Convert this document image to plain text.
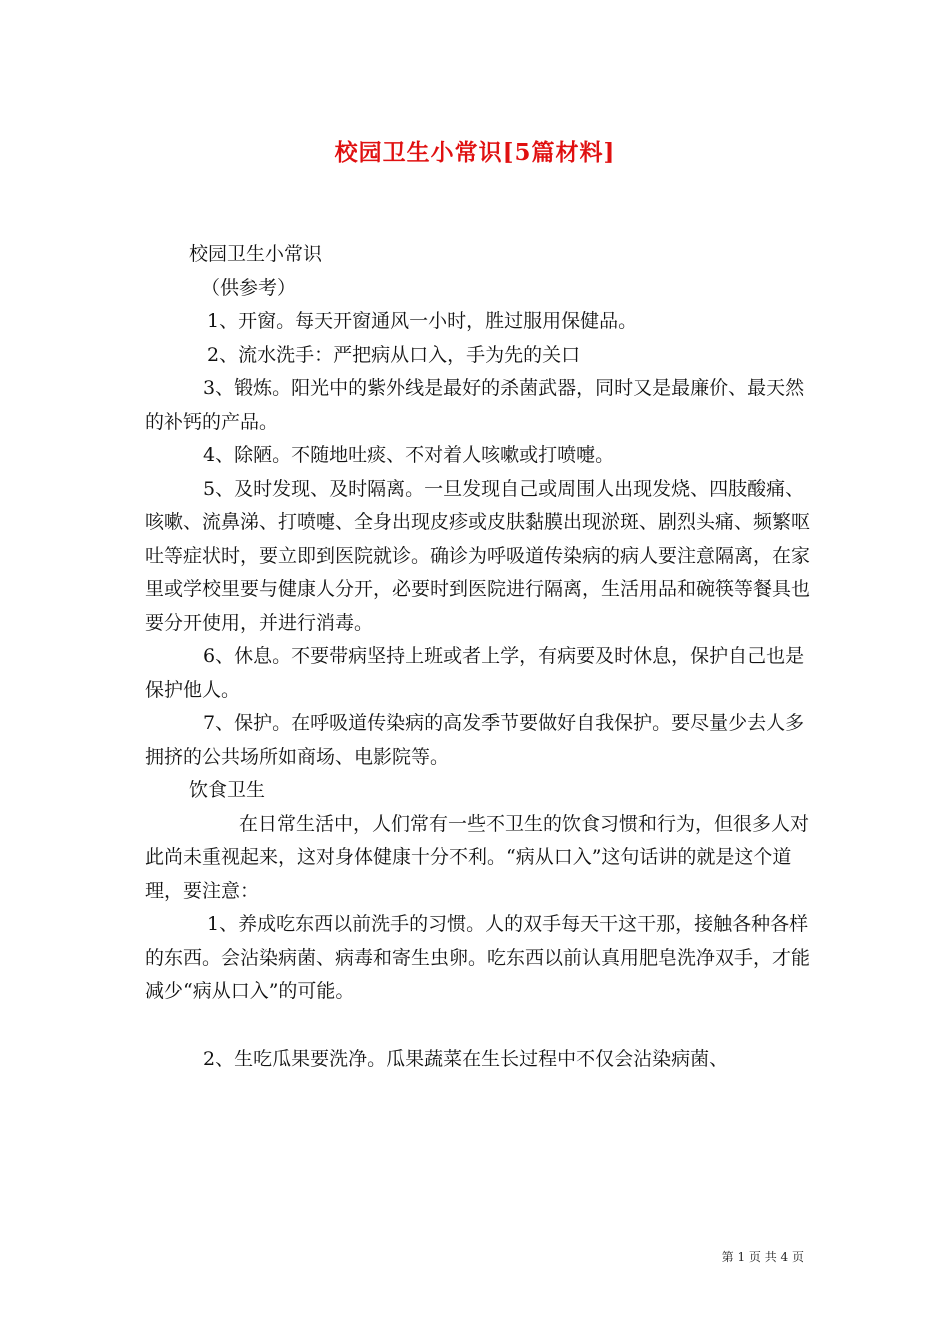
校园卫生小常识[5篇材料]

校园卫生小常识

（供参考）

1、开窗。每天开窗通风一小时，胜过服用保健品。

2、流水洗手：严把病从口入，手为先的关口

3、锻炼。阳光中的紫外线是最好的杀菌武器，同时又是最廉价、最天然的补钙的产品。

4、除陋。不随地吐痰、不对着人咳嗽或打喷嚏。

5、及时发现、及时隔离。一旦发现自己或周围人出现发烧、四肢酸痛、咳嗽、流鼻涕、打喷嚏、全身出现皮疹或皮肤黏膜出现淤斑、剧烈头痛、频繁呕吐等症状时，要立即到医院就诊。确诊为呼吸道传染病的病人要注意隔离，在家里或学校里要与健康人分开，必要时到医院进行隔离，生活用品和碗筷等餐具也要分开使用，并进行消毒。

6、休息。不要带病坚持上班或者上学，有病要及时休息，保护自己也是保护他人。

7、保护。在呼吸道传染病的高发季节要做好自我保护。要尽量少去人多拥挤的公共场所如商场、电影院等。

饮食卫生

在日常生活中，人们常有一些不卫生的饮食习惯和行为，但很多人对此尚未重视起来，这对身体健康十分不利。“病从口入”这句话讲的就是这个道理，要注意：

1、养成吃东西以前洗手的习惯。人的双手每天干这干那，接触各种各样的东西。会沾染病菌、病毒和寄生虫卵。吃东西以前认真用肥皂洗净双手，才能减少“病从口入”的可能。

2、生吃瓜果要洗净。瓜果蔬菜在生长过程中不仅会沾染病菌、

第 1 页 共 4 页
